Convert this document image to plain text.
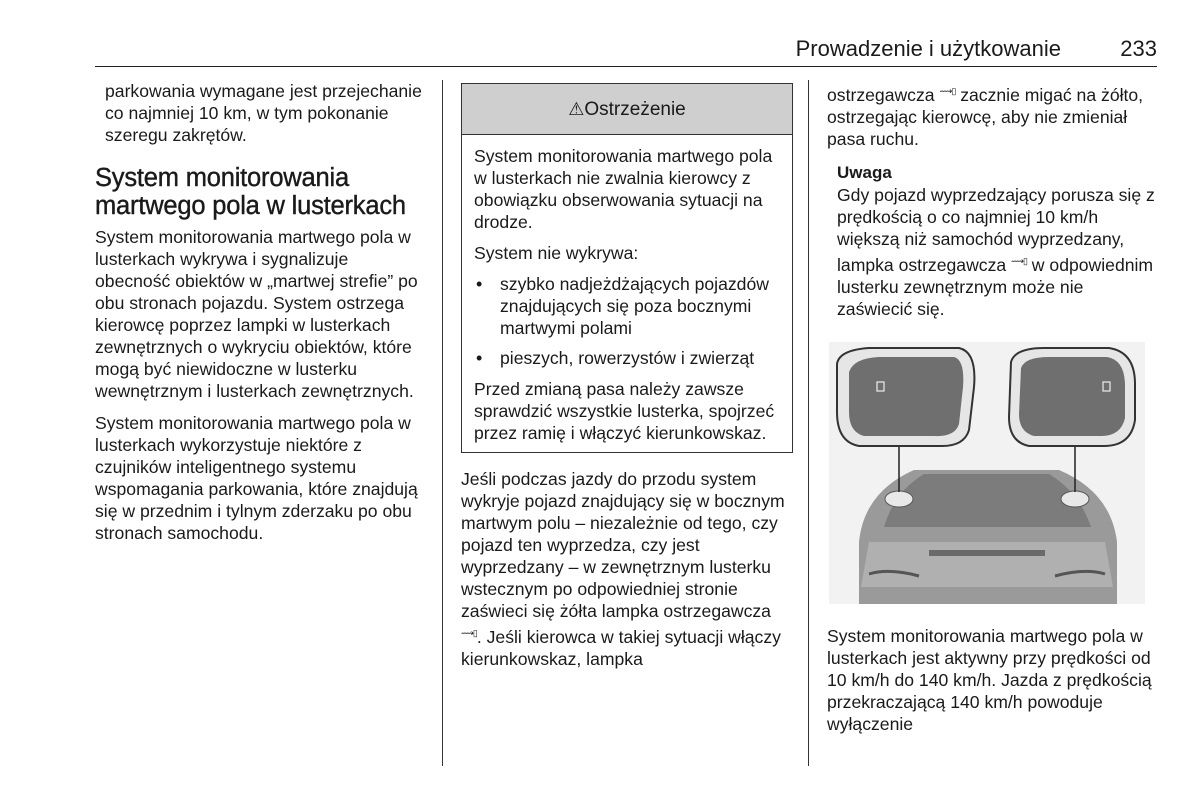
Prowadzenie i użytkowanie	233

parkowania wymagane jest przejechanie co najmniej 10 km, w tym pokonanie szeregu zakrętów.

System monitorowania martwego pola w lusterkach

System monitorowania martwego pola w lusterkach wykrywa i sygnalizuje obecność obiektów w „martwej strefie” po obu stronach pojazdu. System ostrzega kierowcę poprzez lampki w lusterkach zewnętrznych o wykryciu obiektów, które mogą być niewidoczne w lusterku wewnętrznym i lusterkach zewnętrznych.

System monitorowania martwego pola w lusterkach wykorzystuje niektóre z czujników inteligentnego systemu wspomagania parkowania, które znajdują się w przednim i tylnym zderzaku po obu stronach samochodu.

⚠Ostrzeżenie

System monitorowania martwego pola w lusterkach nie zwalnia kierowcy z obowiązku obserwowania sytuacji na drodze.

System nie wykrywa:

• szybko nadjeżdżających pojazdów znajdujących się poza bocznymi martwymi polami
• pieszych, rowerzystów i zwierząt

Przed zmianą pasa należy zawsze sprawdzić wszystkie lusterka, spojrzeć przez ramię i włączyć kierunkowskaz.

Jeśli podczas jazdy do przodu system wykryje pojazd znajdujący się w bocznym martwym polu – niezależnie od tego, czy pojazd ten wyprzedza, czy jest wyprzedzany – w zewnętrznym lusterku wstecznym po odpowiedniej stronie zaświeci się żółta lampka ostrzegawcza ⟿▯. Jeśli kierowca w takiej sytuacji włączy kierunkowskaz, lampka

ostrzegawcza ⟿▯ zacznie migać na żółto, ostrzegając kierowcę, aby nie zmieniał pasa ruchu.

Uwaga

Gdy pojazd wyprzedzający porusza się z prędkością o co najmniej 10 km/h większą niż samochód wyprzedzany, lampka ostrzegawcza ⟿▯ w odpowiednim lusterku zewnętrznym może nie zaświecić się.

System monitorowania martwego pola w lusterkach jest aktywny przy prędkości od 10 km/h do 140 km/h. Jazda z prędkością przekraczającą 140 km/h powoduje wyłączenie
